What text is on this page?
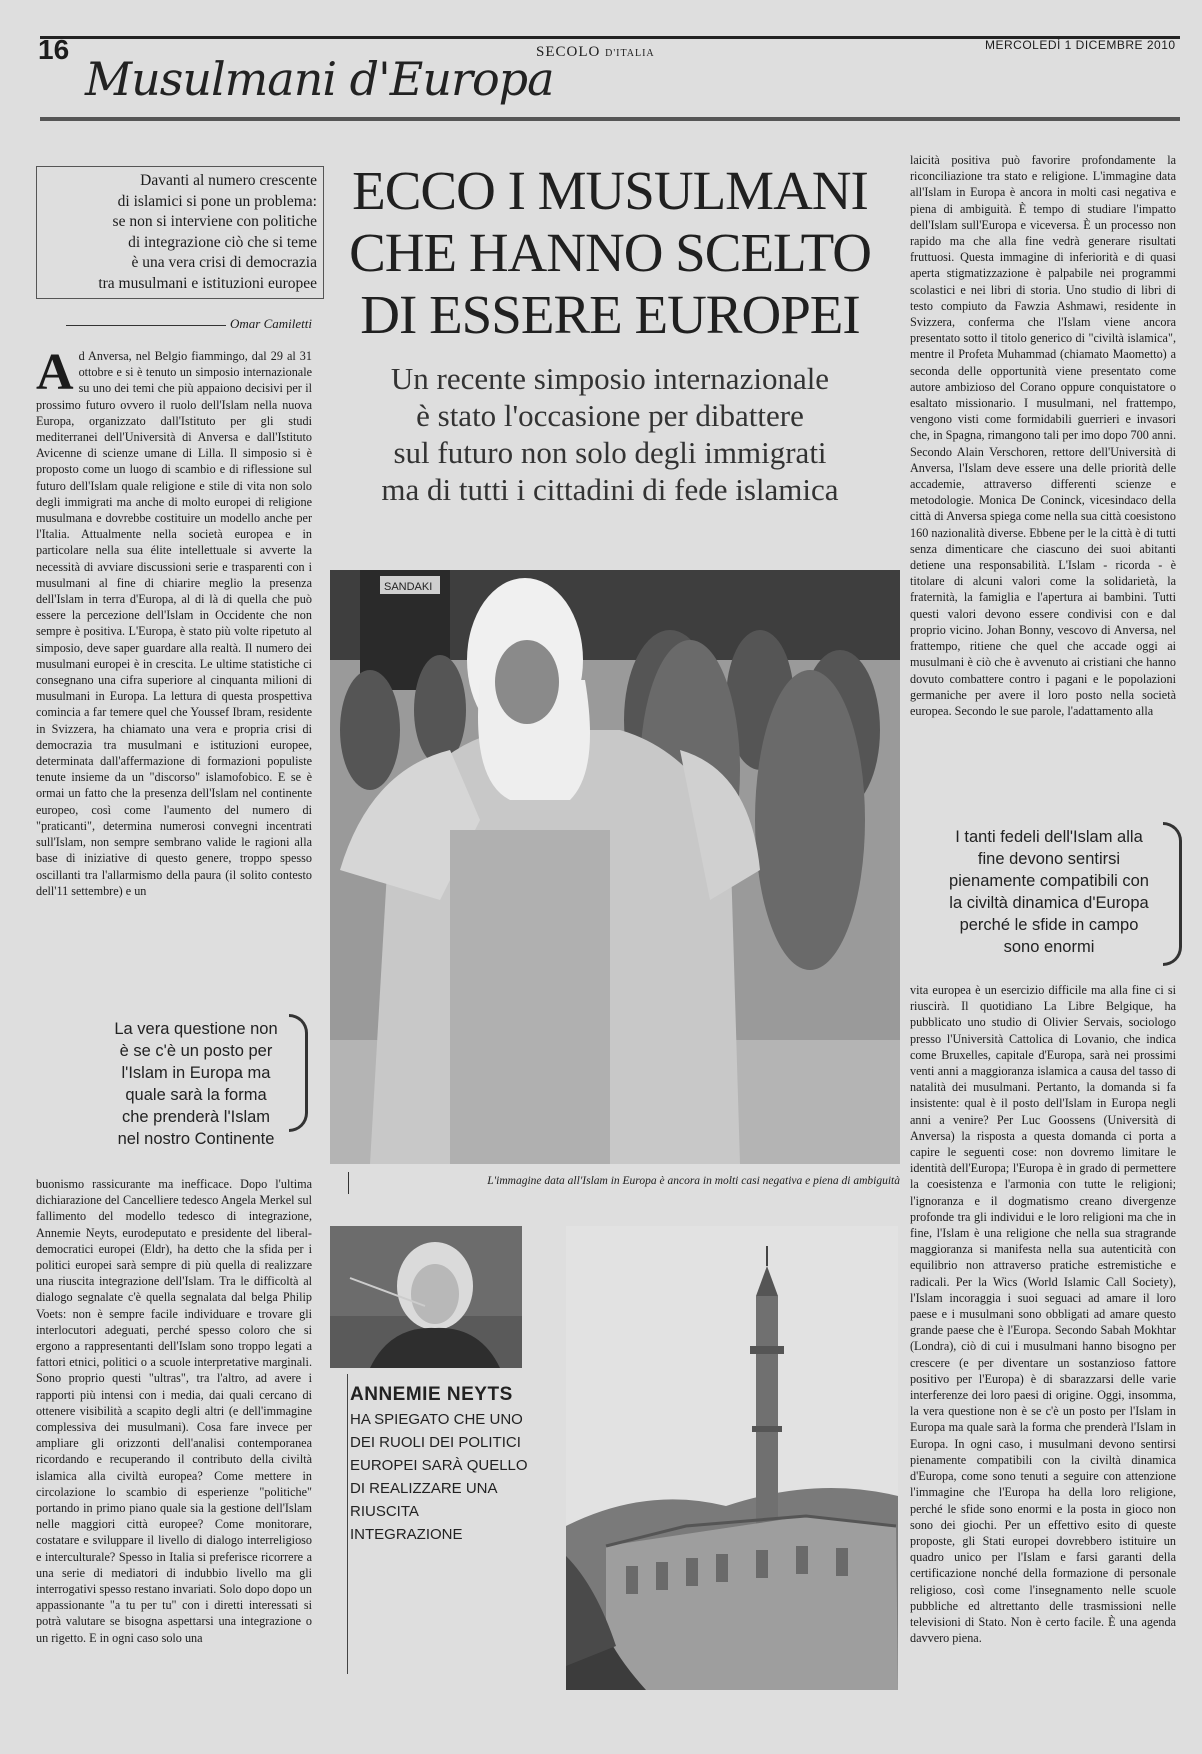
16	SECOLO D'ITALIA
MERCOLEDÌ 1 DICEMBRE 2010
Musulmani d'Europa
Davanti al numero crescente
di islamici si pone un problema:
se non si interviene con politiche
di integrazione ciò che si teme
è una vera crisi di democrazia
tra musulmani e istituzioni europee
Omar Camiletti
ECCO I MUSULMANI
CHE HANNO SCELTO
DI ESSERE EUROPEI
Un recente simposio internazionale
è stato l'occasione per dibattere
sul futuro non solo degli immigrati
ma di tutti i cittadini di fede islamica
Ad Anversa, nel Belgio fiammingo, dal 29 al 31 ottobre e si è tenuto un simposio internazionale su uno dei temi che più appaiono decisivi per il prossimo futuro ovvero il ruolo dell'Islam nella nuova Europa, organizzato dall'Istituto per gli studi mediterranei dell'Università di Anversa e dall'Istituto Avicenne di scienze umane di Lilla. Il simposio si è proposto come un luogo di scambio e di riflessione sul futuro dell'Islam quale religione e stile di vita non solo degli immigrati ma anche di molto europei di religione musulmana e dovrebbe costituire un modello anche per l'Italia. Attualmente nella società europea e in particolare nella sua élite intellettuale si avverte la necessità di avviare discussioni serie e trasparenti con i musulmani al fine di chiarire meglio la presenza dell'Islam in terra d'Europa, al di là di quella che può essere la percezione dell'Islam in Occidente che non sempre è positiva. L'Europa, è stato più volte ripetuto al simposio, deve saper guardare alla realtà. Il numero dei musulmani europei è in crescita. Le ultime statistiche ci consegnano una cifra superiore al cinquanta milioni di musulmani in Europa. La lettura di questa prospettiva comincia a far temere quel che Youssef Ibram, residente in Svizzera, ha chiamato una vera e propria crisi di democrazia tra musulmani e istituzioni europee, determinata dall'affermazione di formazioni populiste tenute insieme da un "discorso" islamofobico. E se è ormai un fatto che la presenza dell'Islam nel continente europeo, così come l'aumento del numero di "praticanti", determina numerosi convegni incentrati sull'Islam, non sempre sembrano valide le ragioni alla base di iniziative di questo genere, troppo spesso oscillanti tra l'allarmismo della paura (il solito contesto dell'11 settembre) e un
laicità positiva può favorire profondamente la riconciliazione tra stato e religione. L'immagine data all'Islam in Europa è ancora in molti casi negativa e piena di ambiguità. È tempo di studiare l'impatto dell'Islam sull'Europa e viceversa. È un processo non rapido ma che alla fine vedrà generare risultati fruttuosi. Questa immagine di inferiorità e di quasi aperta stigmatizzazione è palpabile nei programmi scolastici e nei libri di storia. Uno studio di libri di testo compiuto da Fawzia Ashmawi, residente in Svizzera, conferma che l'Islam viene ancora presentato sotto il titolo generico di "civiltà islamica", mentre il Profeta Muhammad (chiamato Maometto) a seconda delle opportunità viene presentato come autore ambizioso del Corano oppure conquistatore o esaltato missionario. I musulmani, nel frattempo, vengono visti come formidabili guerrieri e invasori che, in Spagna, rimangono tali per imo dopo 700 anni. Secondo Alain Verschoren, rettore dell'Università di Anversa, l'Islam deve essere una delle priorità delle accademie, attraverso differenti scienze e metodologie. Monica De Coninck, vicesindaco della città di Anversa spiega come nella sua città coesistono 160 nazionalità diverse. Ebbene per le la città è di tutti senza dimenticare che ciascuno dei suoi abitanti detiene una responsabilità. L'Islam - ricorda - è titolare di alcuni valori come la solidarietà, la fraternità, la famiglia e l'apertura ai bambini. Tutti questi valori devono essere condivisi con e dal proprio vicino. Johan Bonny, vescovo di Anversa, nel frattempo, ritiene che quel che accade oggi ai musulmani è ciò che è avvenuto ai cristiani che hanno dovuto combattere contro i pagani e le popolazioni germaniche per avere il loro posto nella società europea. Secondo le sue parole, l'adattamento alla
buonismo rassicurante ma inefficace. Dopo l'ultima dichiarazione del Cancelliere tedesco Angela Merkel sul fallimento del modello tedesco di integrazione, Annemie Neyts, eurodeputato e presidente del liberal-democratici europei (Eldr), ha detto che la sfida per i politici europei sarà sempre di più quella di realizzare una riuscita integrazione dell'Islam. Tra le difficoltà al dialogo segnalate c'è quella segnalata dal belga Philip Voets: non è sempre facile individuare e trovare gli interlocutori adeguati, perché spesso coloro che si ergono a rappresentanti dell'Islam sono troppo legati a fattori etnici, politici o a scuole interpretative marginali. Sono proprio questi "ultras", tra l'altro, ad avere i rapporti più intensi con i media, dai quali cercano di ottenere visibilità a scapito degli altri (e dell'immagine complessiva dei musulmani). Cosa fare invece per ampliare gli orizzonti dell'analisi contemporanea ricordando e recuperando il contributo della civiltà islamica alla civiltà europea? Come mettere in circolazione lo scambio di esperienze "politiche" portando in primo piano quale sia la gestione dell'Islam nelle maggiori città europee? Come monitorare, costatare e sviluppare il livello di dialogo interreligioso e interculturale? Spesso in Italia si preferisce ricorrere a una serie di mediatori di indubbio livello ma gli interrogativi spesso restano invariati. Solo dopo dopo un appassionante "a tu per tu" con i diretti interessati si potrà valutare se bisogna aspettarsi una integrazione o un rigetto. E in ogni caso solo una
vita europea è un esercizio difficile ma alla fine ci si riuscirà. Il quotidiano La Libre Belgique, ha pubblicato uno studio di Olivier Servais, sociologo presso l'Università Cattolica di Lovanio, che indica come Bruxelles, capitale d'Europa, sarà nei prossimi venti anni a maggioranza islamica a causa del tasso di natalità dei musulmani. Pertanto, la domanda si fa insistente: qual è il posto dell'Islam in Europa negli anni a venire? Per Luc Goossens (Università di Anversa) la risposta a questa domanda ci porta a capire le seguenti cose: non dovremo limitare le identità dell'Europa; l'Europa è in grado di permettere la coesistenza e l'armonia con tutte le religioni; l'ignoranza e il dogmatismo creano divergenze profonde tra gli individui e le loro religioni ma che in fine, l'Islam è una religione che nella sua stragrande maggioranza si manifesta nella sua autenticità con equilibrio non attraverso pratiche estremistiche e radicali. Per la Wics (World Islamic Call Society), l'Islam incoraggia i suoi seguaci ad amare il loro paese e i musulmani sono obbligati ad amare questo grande paese che è l'Europa. Secondo Sabah Mokhtar (Londra), ciò di cui i musulmani hanno bisogno per crescere (e per diventare un sostanzioso fattore positivo per l'Europa) è di sbarazzarsi delle varie interferenze dei loro paesi di origine. Oggi, insomma, la vera questione non è se c'è un posto per l'Islam in Europa ma quale sarà la forma che prenderà l'Islam in Europa. In ogni caso, i musulmani devono sentirsi pienamente compatibili con la civiltà dinamica d'Europa, come sono tenuti a seguire con attenzione l'immagine che l'Europa ha della loro religione, perché le sfide sono enormi e la posta in gioco non sono dei giochi. Per un effettivo esito di queste proposte, gli Stati europei dovrebbero istituire un quadro unico per l'Islam e farsi garanti della certificazione nonché della formazione di personale religioso, così come l'insegnamento nelle scuole pubbliche ed altrettanto delle trasmissioni nelle televisioni di Stato. Non è certo facile. È una agenda davvero piena.
La vera questione non è se c'è un posto per l'Islam in Europa ma quale sarà la forma che prenderà l'Islam nel nostro Continente
I tanti fedeli dell'Islam alla fine devono sentirsi pienamente compatibili con la civiltà dinamica d'Europa perché le sfide in campo sono enormi
SANDAKI
L'immagine data all'Islam in Europa è ancora in molti casi negativa e piena di ambiguità
ANNEMIE NEYTS
HA SPIEGATO CHE UNO DEI RUOLI DEI POLITICI EUROPEI SARÀ QUELLO DI REALIZZARE UNA RIUSCITA INTEGRAZIONE
